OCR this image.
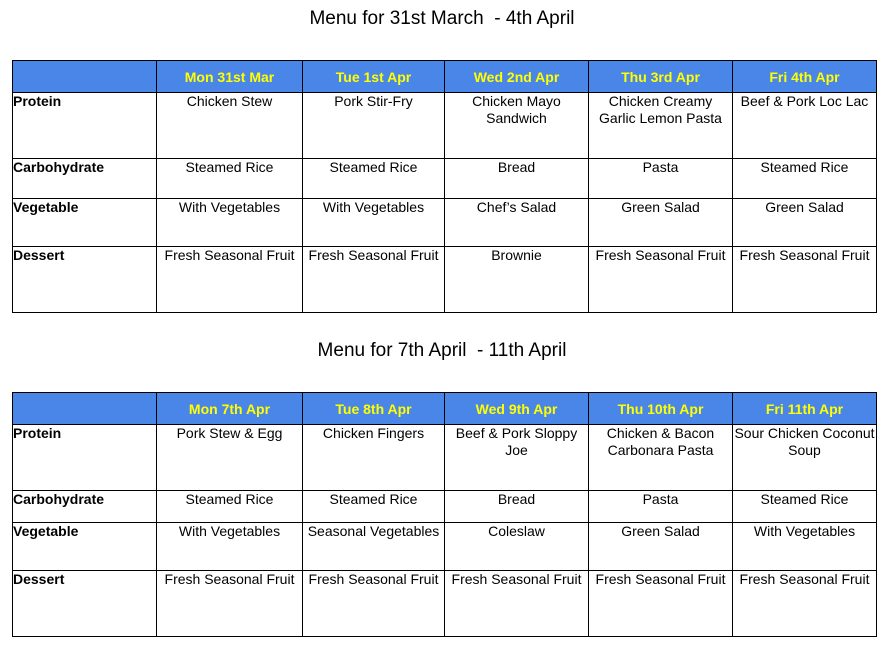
Menu for 31st March  - 4th April
	Mon 31st Mar	Tue 1st Apr	Wed 2nd Apr	Thu 3rd Apr	Fri 4th Apr
Protein	Chicken Stew	Pork Stir-Fry	Chicken Mayo Sandwich	Chicken Creamy Garlic Lemon Pasta	Beef & Pork Loc Lac
Carbohydrate	Steamed Rice	Steamed Rice	Bread	Pasta	Steamed Rice
Vegetable	With Vegetables	With Vegetables	Chef’s Salad	Green Salad	Green Salad
Dessert	Fresh Seasonal Fruit	Fresh Seasonal Fruit	Brownie	Fresh Seasonal Fruit	Fresh Seasonal Fruit
Menu for 7th April  - 11th April
	Mon 7th Apr	Tue 8th Apr	Wed 9th Apr	Thu 10th Apr	Fri 11th Apr
Protein	Pork Stew & Egg	Chicken Fingers	Beef & Pork Sloppy Joe	Chicken & Bacon Carbonara Pasta	Sour Chicken Coconut Soup
Carbohydrate	Steamed Rice	Steamed Rice	Bread	Pasta	Steamed Rice
Vegetable	With Vegetables	Seasonal Vegetables	Coleslaw	Green Salad	With Vegetables
Dessert	Fresh Seasonal Fruit	Fresh Seasonal Fruit	Fresh Seasonal Fruit	Fresh Seasonal Fruit	Fresh Seasonal Fruit
